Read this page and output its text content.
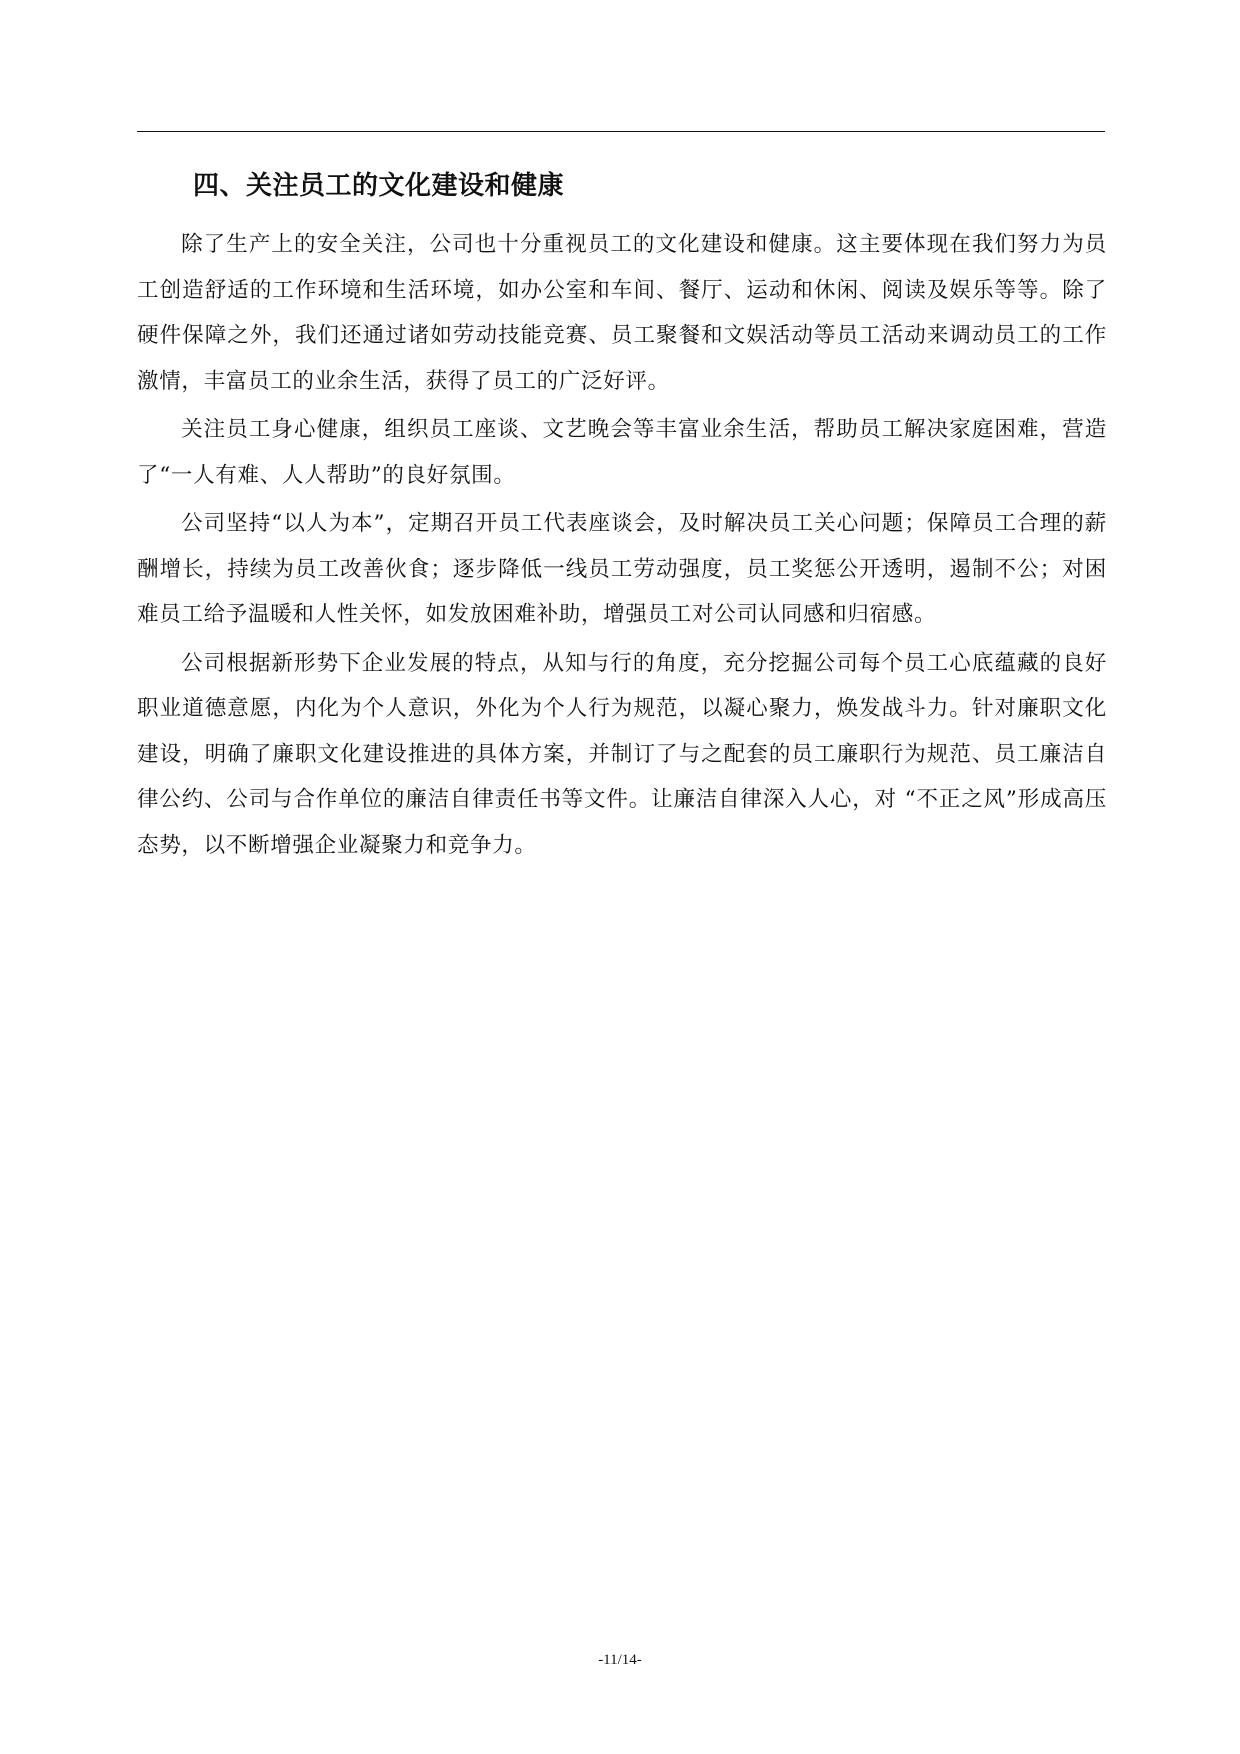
四、关注员工的文化建设和健康

除了生产上的安全关注，公司也十分重视员工的文化建设和健康。这主要体现在我们努力为员工创造舒适的工作环境和生活环境，如办公室和车间、餐厅、运动和休闲、阅读及娱乐等等。除了硬件保障之外，我们还通过诸如劳动技能竞赛、员工聚餐和文娱活动等员工活动来调动员工的工作激情，丰富员工的业余生活，获得了员工的广泛好评。

关注员工身心健康，组织员工座谈、文艺晚会等丰富业余生活，帮助员工解决家庭困难，营造了“一人有难、人人帮助”的良好氛围。

公司坚持“以人为本”，定期召开员工代表座谈会，及时解决员工关心问题；保障员工合理的薪酬增长，持续为员工改善伙食；逐步降低一线员工劳动强度，员工奖惩公开透明，遏制不公；对困难员工给予温暖和人性关怀，如发放困难补助，增强员工对公司认同感和归宿感。

公司根据新形势下企业发展的特点，从知与行的角度，充分挖掘公司每个员工心底蕴藏的良好职业道德意愿，内化为个人意识，外化为个人行为规范，以凝心聚力，焕发战斗力。针对廉职文化建设，明确了廉职文化建设推进的具体方案，并制订了与之配套的员工廉职行为规范、员工廉洁自律公约、公司与合作单位的廉洁自律责任书等文件。让廉洁自律深入人心，对 “不正之风”形成高压态势，以不断增强企业凝聚力和竞争力。

-11/14-
